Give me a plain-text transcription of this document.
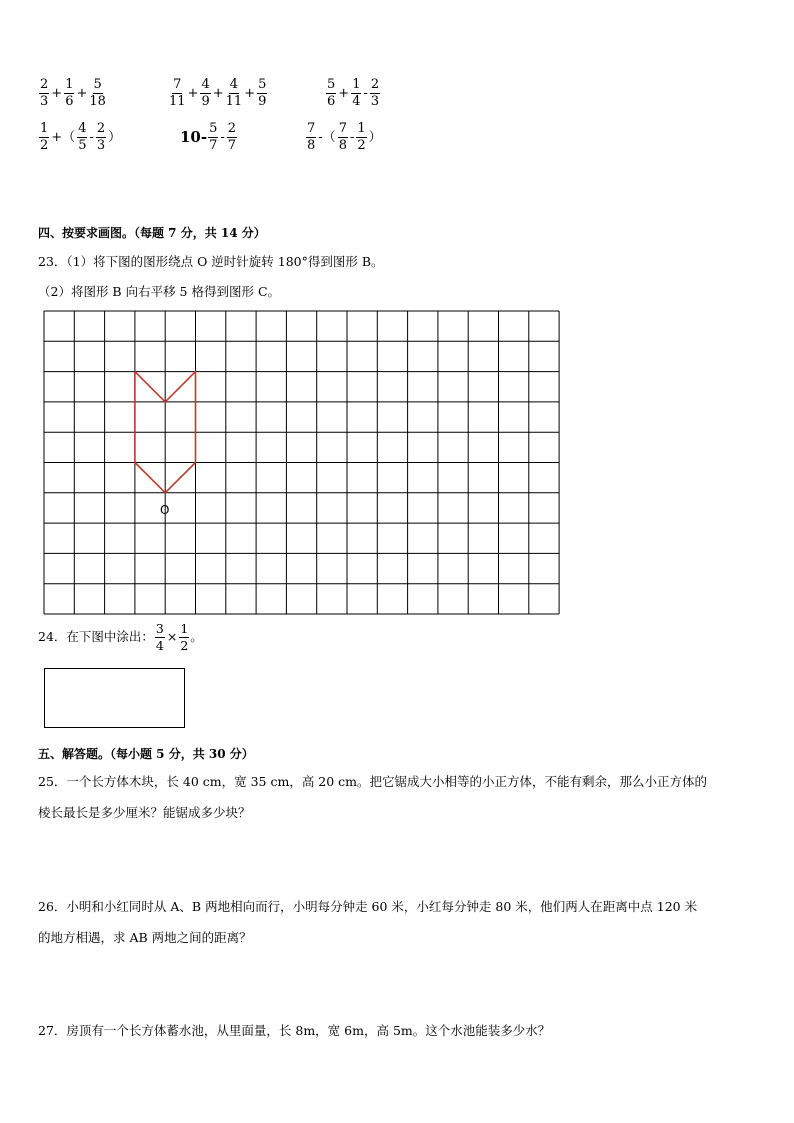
$\frac{2}{3} + \frac{1}{6} + \frac{5}{18}$	$\frac{7}{11} + \frac{4}{9} + \frac{4}{11} + \frac{5}{9}$	$\frac{5}{6} + \frac{1}{4} - \frac{2}{3}$
$\frac{1}{2}$ +（ $\frac{4}{5} - \frac{2}{3}$ ）	$10- \frac{5}{7} - \frac{2}{7}$	$\frac{7}{8}$ -（ $\frac{7}{8} - \frac{1}{2}$ ）
四、按要求画图。（每题 7 分，共 14 分）
23．（1）将下图的图形绕点 O 逆时针旋转 180°得到图形 B。
（2）将图形 B 向右平移 5 格得到图形 C。
O
24．在下图中涂出： $\frac{3}{4} \times \frac{1}{2}$ 。
五、解答题。（每小题 5 分，共 30 分）
25．一个长方体木块，长 40 cm，宽 35 cm，高 20 cm。把它锯成大小相等的小正方体，不能有剩余，那么小正方体的
棱长最长是多少厘米？能锯成多少块？
26．小明和小红同时从 A、B 两地相向而行，小明每分钟走 60 米，小红每分钟走 80 米，他们两人在距离中点 120 米
的地方相遇，求 AB 两地之间的距离？
27．房顶有一个长方体蓄水池，从里面量，长 8m，宽 6m，高 5m。这个水池能装多少水？
